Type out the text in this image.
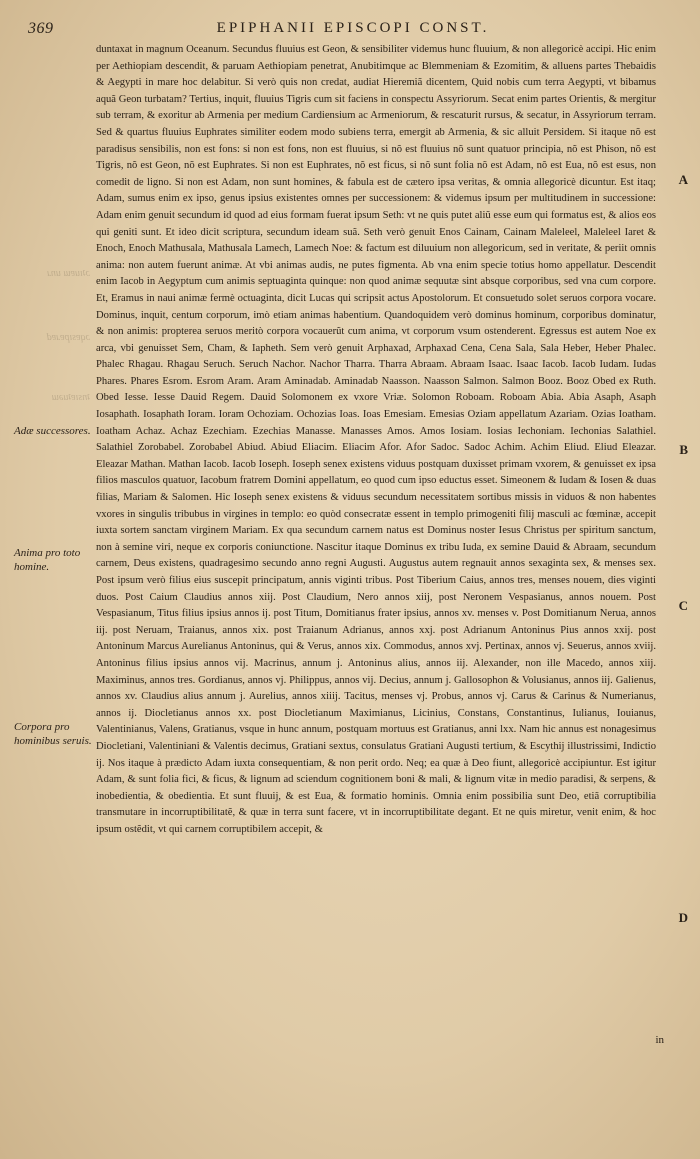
369	EPIPHANII EPISCOPI CONST.
ɔʇıuɐɯ unɹ
ɔqɐsıpɐɹɐd
ʇnsıɐʇuǝɯ
Adæ successores.
Anima pro toto homine.
Corpora pro hominibus seruis.
A
B
C
D

duntaxat in magnum Oceanum. Secundus fluuius est Geon, & sensibiliter videmus hunc fluuium, & non allegoricè accipi. Hic enim per Aethiopiam descendit, & paruam Aethiopiam penetrat, Anubitimque ac Blemmeniam & Ezomitim, & alluens partes Thebaidis & Aegypti in mare hoc delabitur. Si verò quis non credat, audiat Hieremiã dicentem, Quid nobis cum terra Aegypti, vt bibamus aquã Geon turbatam? Tertius, inquit, fluuius Tigris cum sit faciens in conspectu Assyriorum. Secat enim partes Orientis, & mergitur sub terram, & exoritur ab Armenia per medium Cardiensium ac Armeniorum, & rescaturit rursus, & secatur, in Assyriorum terram. Sed & quartus fluuius Euphrates similiter eodem modo subiens terra, emergit ab Armenia, & sic alluit Persidem. Si itaque nõ est paradisus sensibilis, non est fons: si non est fons, non est fluuius, si nõ est fluuius nõ sunt quatuor principia, nõ est Phison, nõ est Tigris, nõ est Geon, nõ est Euphrates. Si non est Euphrates, nõ est ficus, si nõ sunt folia nõ est Adam, nõ est Eua, nõ est esus, non comedit de ligno. Si non est Adam, non sunt homines, & fabula est de cætero ipsa veritas, & omnia allegoricè dicuntur. Est itaq; Adam, sumus enim ex ipso, genus ipsius existentes omnes per successionem: & videmus ipsum per multitudinem in successione: Adam enim genuit secundum id quod ad eius formam fuerat ipsum Seth: vt ne quis putet aliũ esse eum qui formatus est, & alios eos qui geniti sunt. Et ideo dicit scriptura, secundum ideam suã. Seth verò genuit Enos Cainam, Cainam Maleleel, Maleleel Iaret & Enoch, Enoch Mathusala, Mathusala Lamech, Lamech Noe: & factum est diluuium non allegoricum, sed in veritate, & periit omnis anima: non autem fuerunt animæ. At vbi animas audis, ne putes figmenta. Ab vna enim specie totius homo appellatur. Descendit enim Iacob in Aegyptum cum animis septuaginta quinque: non quod animæ sequutæ sint absque corporibus, sed vna cum corpore. Et, Eramus in naui animæ fermè octuaginta, dicit Lucas qui scripsit actus Apostolorum. Et consuetudo solet seruos corpora vocare. Dominus, inquit, centum corporum, imò etiam animas habentium. Quandoquidem verò dominus hominum, corporibus dominatur, & non animis: propterea seruos meritò corpora vocauerũt cum anima, vt corporum vsum ostenderent. Egressus est autem Noe ex arca, vbi genuisset Sem, Cham, & Iapheth. Sem verò genuit Arphaxad, Arphaxad Cena, Cena Sala, Sala Heber, Heber Phalec. Phalec Rhagau. Rhagau Seruch. Seruch Nachor. Nachor Tharra. Tharra Abraam. Abraam Isaac. Isaac Iacob. Iacob Iudam. Iudas Phares. Phares Esrom. Esrom Aram. Aram Aminadab. Aminadab Naasson. Naasson Salmon. Salmon Booz. Booz Obed ex Ruth. Obed Iesse. Iesse Dauid Regem. Dauid Solomonem ex vxore Vriæ. Solomon Roboam. Roboam Abia. Abia Asaph, Asaph Iosaphath. Iosaphath Ioram. Ioram Ochoziam. Ochozias Ioas. Ioas Emesiam. Emesias Oziam appellatum Azariam. Ozias Ioatham. Ioatham Achaz. Achaz Ezechiam. Ezechias Manasse. Manasses Amos. Amos Iosiam. Iosias Iechoniam. Iechonias Salathiel. Salathiel Zorobabel. Zorobabel Abiud. Abiud Eliacim. Eliacim Afor. Afor Sadoc. Sadoc Achim. Achim Eliud. Eliud Eleazar. Eleazar Mathan. Mathan Iacob. Iacob Ioseph. Ioseph senex existens viduus postquam duxisset primam vxorem, & genuisset ex ipsa filios masculos quatuor, Iacobum fratrem Domini appellatum, eo quod cum ipso eductus esset. Simeonem & Iudam & Iosen & duas filias, Mariam & Salomen. Hic Ioseph senex existens & viduus secundum necessitatem sortibus missis in viduos & non habentes vxores in singulis tribubus in virgines in templo: eo quòd consecratæ essent in templo primogeniti filij masculi ac fœminæ, accepit iuxta sortem sanctam virginem Mariam. Ex qua secundum carnem natus est Dominus noster Iesus Christus per spiritum sanctum, non à semine viri, neque ex corporis coniunctione. Nascitur itaque Dominus ex tribu Iuda, ex semine Dauid & Abraam, secundum carnem, Deus existens, quadragesimo secundo anno regni Augusti. Augustus autem regnauit annos sexaginta sex, & menses sex. Post ipsum verò filius eius suscepit principatum, annis viginti tribus. Post Tiberium Caius, annos tres, menses nouem, dies viginti duos. Post Caium Claudius annos xiij. Post Claudium, Nero annos xiij, post Neronem Vespasianus, annos nouem. Post Vespasianum, Titus filius ipsius annos ij. post Titum, Domitianus frater ipsius, annos xv. menses v. Post Domitianum Nerua, annos iij. post Neruam, Traianus, annos xix. post Traianum Adrianus, annos xxj. post Adrianum Antoninus Pius annos xxij. post Antoninum Marcus Aurelianus Antoninus, qui & Verus, annos xix. Commodus, annos xvj. Pertinax, annos vj. Seuerus, annos xviij. Antoninus filius ipsius annos vij. Macrinus, annum j. Antoninus alius, annos iij. Alexander, non ille Macedo, annos xiij. Maximinus, annos tres. Gordianus, annos vj. Philippus, annos vij. Decius, annum j. Gallosophon & Volusianus, annos iij. Galienus, annos xv. Claudius alius annum j. Aurelius, annos xiiij. Tacitus, menses vj. Probus, annos vj. Carus & Carinus & Numerianus, annos ij. Diocletianus annos xx. post Diocletianum Maximianus, Licinius, Constans, Constantinus, Iulianus, Iouianus, Valentinianus, Valens, Gratianus, vsque in hunc annum, postquam mortuus est Gratianus, anni lxx. Nam hic annus est nonagesimus Diocletiani, Valentiniani & Valentis decimus, Gratiani sextus, consulatus Gratiani Augusti tertium, & Escythij illustrissimi, Indictio ij. Nos itaque à prædicto Adam iuxta consequentiam, & non perit ordo. Neq; ea quæ à Deo fiunt, allegoricè accipiuntur. Est igitur Adam, & sunt folia fici, & ficus, & lignum ad sciendum cognitionem boni & mali, & lignum vitæ in medio paradisi, & serpens, & inobedientia, & obedientia. Et sunt fluuij, & est Eua, & formatio hominis. Omnia enim possibilia sunt Deo, etiã corruptibilia transmutare in incorruptibilitatẽ, & quæ in terra sunt facere, vt in incorruptibilitate degant. Et ne quis miretur, venit enim, & hoc ipsum ostẽdit, vt qui carnem corruptibilem accepit, &

in
